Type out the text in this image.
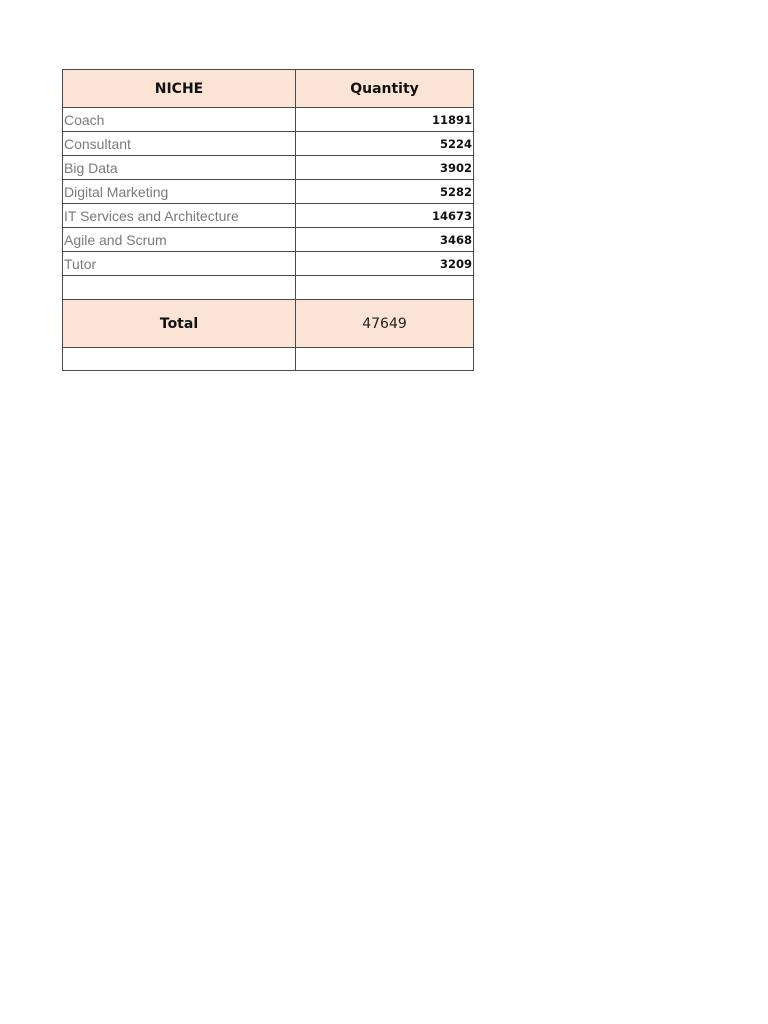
NICHE	Quantity
Coach	11891
Consultant	5224
Big Data	3902
Digital Marketing	5282
IT Services and Architecture	14673
Agile and Scrum	3468
Tutor	3209

Total	47649
